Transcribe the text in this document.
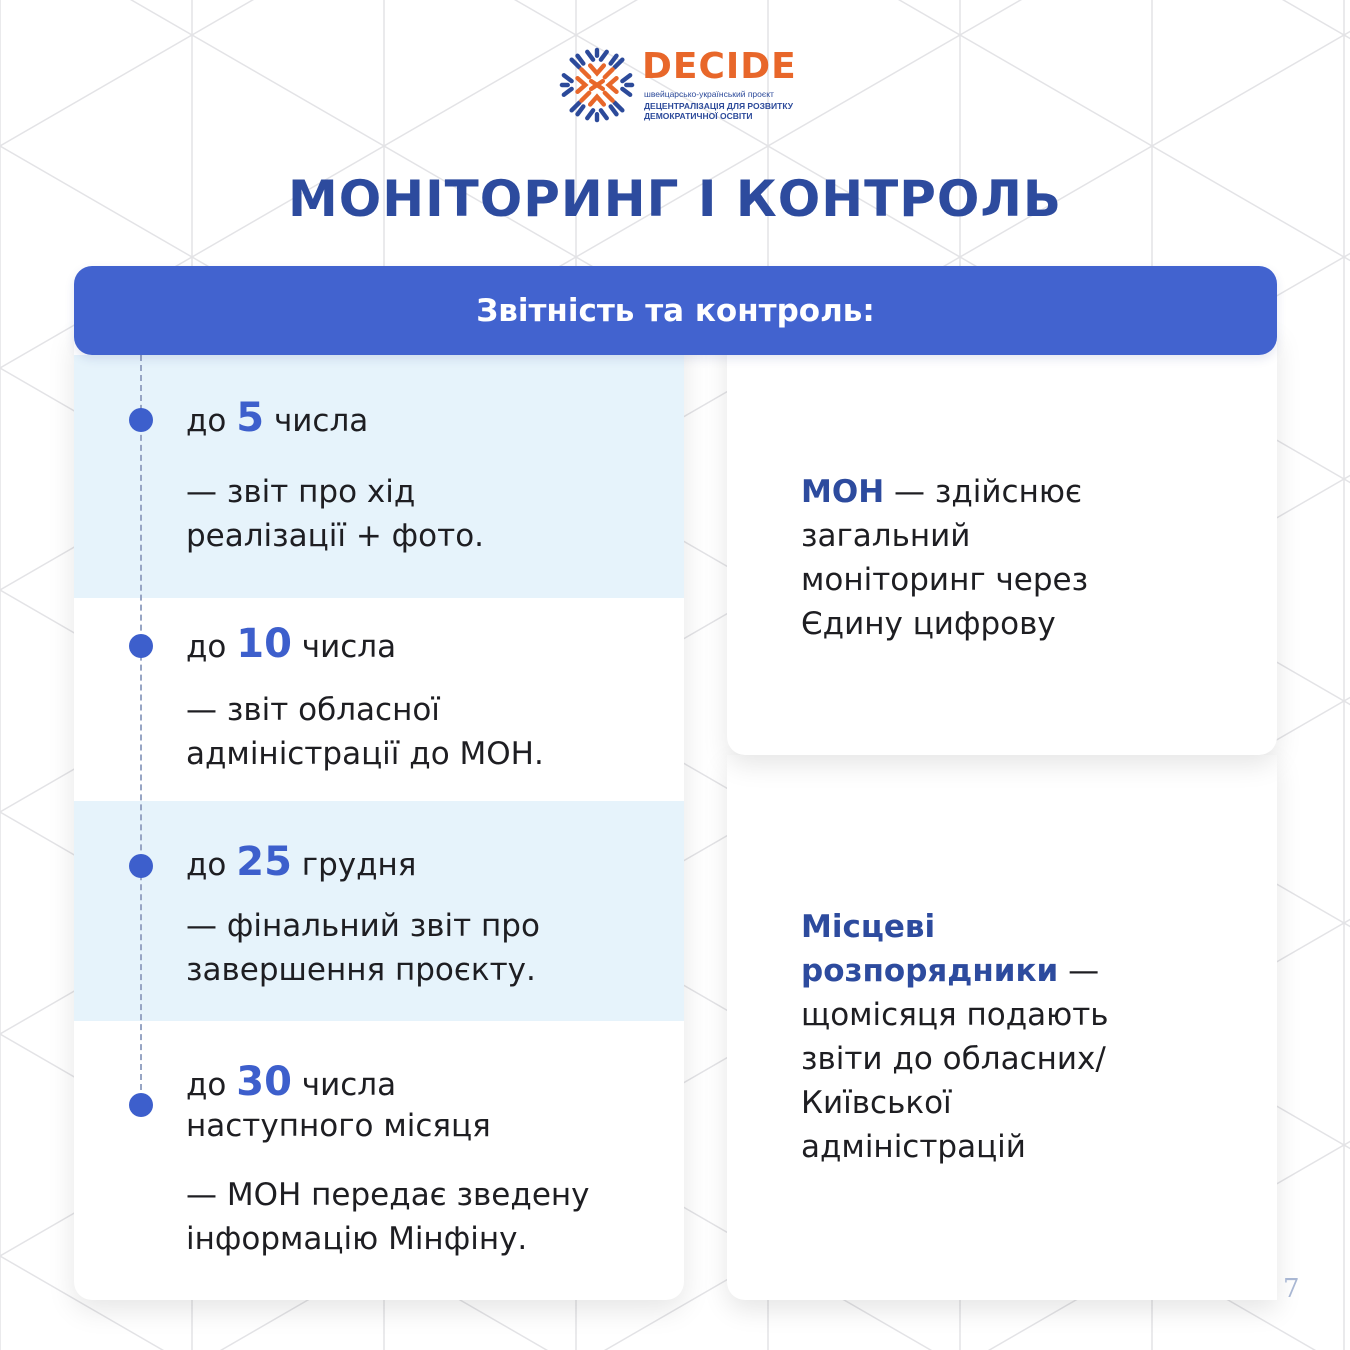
DECIDE
швейцарсько-український проєкт
ДЕЦЕНТРАЛІЗАЦІЯ ДЛЯ РОЗВИТКУ
ДЕМОКРАТИЧНОЇ ОСВІТИ
МОНІТОРИНГ І КОНТРОЛЬ
Звітність та контроль:
до 5 числа
— звіт про хід реалізації + фото.
до 10 числа
— звіт обласної адміністрації до МОН.
до 25 грудня
— фінальний звіт про завершення проєкту.
до 30 числа
наступного місяця
— МОН передає зведену інформацію Мінфіну.
МОН — здійснює загальний моніторинг через Єдину цифрову
Місцеві розпорядники — щомісяця подають звіти до обласних/Київської адміністрацій
7
